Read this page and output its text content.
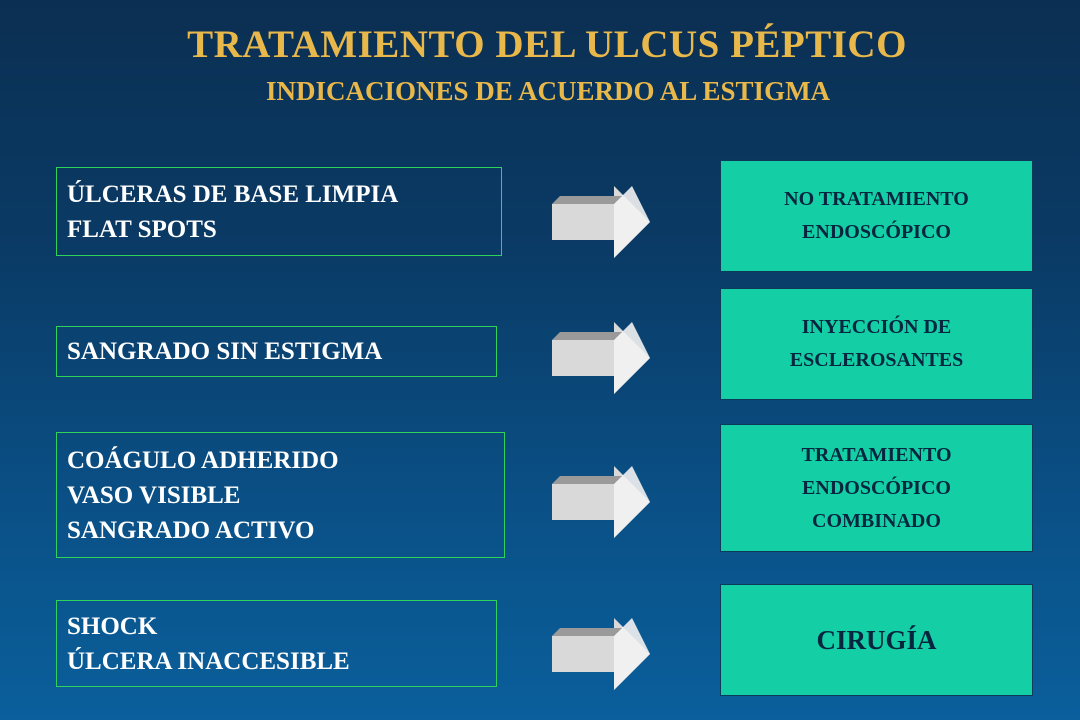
TRATAMIENTO DEL ULCUS PÉPTICO
INDICACIONES DE ACUERDO AL ESTIGMA
ÚLCERAS DE BASE LIMPIA
FLAT SPOTS
NO TRATAMIENTO
ENDOSCÓPICO
SANGRADO SIN ESTIGMA
INYECCIÓN DE
ESCLEROSANTES
COÁGULO ADHERIDO
VASO VISIBLE
SANGRADO ACTIVO
TRATAMIENTO
ENDOSCÓPICO
COMBINADO
SHOCK
ÚLCERA INACCESIBLE
CIRUGÍA
